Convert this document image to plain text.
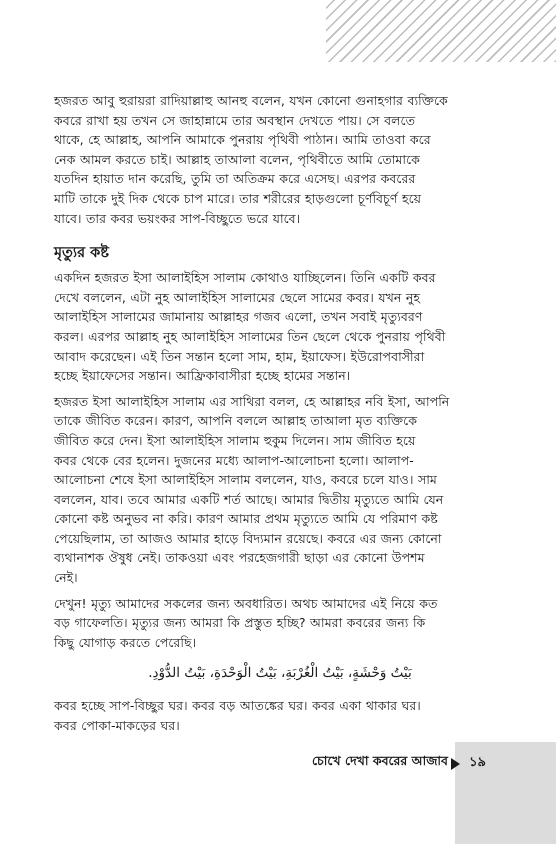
হজরত আবু হুরায়রা রাদিয়াল্লাহু আনহু বলেন, যখন কোনো গুনাহগার ব্যক্তিকে
কবরে রাখা হয় তখন সে জাহান্নামে তার অবস্থান দেখতে পায়। সে বলতে
থাকে, হে আল্লাহ, আপনি আমাকে পুনরায় পৃথিবী পাঠান। আমি তাওবা করে
নেক আমল করতে চাই। আল্লাহ তাআলা বলেন, পৃথিবীতে আমি তোমাকে
যতদিন হায়াত দান করেছি, তুমি তা অতিক্রম করে এসেছ। এরপর কবরের
মাটি তাকে দুই দিক থেকে চাপ মারে। তার শরীরের হাড়গুলো চূর্ণবিচূর্ণ হয়ে
যাবে। তার কবর ভয়ংকর সাপ-বিচ্ছুতে ভরে যাবে।
মৃত্যুর কষ্ট
একদিন হজরত ইসা আলাইহিস সালাম কোথাও যাচ্ছিলেন। তিনি একটি কবর
দেখে বললেন, এটা নুহ আলাইহিস সালামের ছেলে সামের কবর। যখন নুহ
আলাইহিস সালামের জামানায় আল্লাহর গজব এলো, তখন সবাই মৃত্যুবরণ
করল। এরপর আল্লাহ নুহ আলাইহিস সালামের তিন ছেলে থেকে পুনরায় পৃথিবী
আবাদ করেছেন। এই তিন সন্তান হলো সাম, হাম, ইয়াফেস। ইউরোপবাসীরা
হচ্ছে ইয়াফেসের সন্তান। আফ্রিকাবাসীরা হচ্ছে হামের সন্তান।
হজরত ইসা আলাইহিস সালাম এর সাথিরা বলল, হে আল্লাহর নবি ইসা, আপনি
তাকে জীবিত করেন। কারণ, আপনি বললে আল্লাহ তাআলা মৃত ব্যক্তিকে
জীবিত করে দেন। ইসা আলাইহিস সালাম হুকুম দিলেন। সাম জীবিত হয়ে
কবর থেকে বের হলেন। দুজনের মধ্যে আলাপ-আলোচনা হলো। আলাপ-
আলোচনা শেষে ইসা আলাইহিস সালাম বললেন, যাও, কবরে চলে যাও। সাম
বললেন, যাব। তবে আমার একটি শর্ত আছে। আমার দ্বিতীয় মৃত্যুতে আমি যেন
কোনো কষ্ট অনুভব না করি। কারণ আমার প্রথম মৃত্যুতে আমি যে পরিমাণ কষ্ট
পেয়েছিলাম, তা আজও আমার হাড়ে বিদ্যমান রয়েছে। কবরে এর জন্য কোনো
ব্যথানাশক ঔষুধ নেই। তাকওয়া এবং পরহেজগারী ছাড়া এর কোনো উপশম
নেই।
দেখুন! মৃত্যু আমাদের সকলের জন্য অবধারিত। অথচ আমাদের এই নিয়ে কত
বড় গাফেলতি। মৃত্যুর জন্য আমরা কি প্রস্তুত হচ্ছি? আমরা কবরের জন্য কি
কিছু যোগাড় করতে পেরেছি।
بَيْتُ وَحْشَةٍ، بَيْتُ الْغُرْبَةِ، بَيْتُ الْوَحْدَةِ، بَيْتُ الدُّوْدِ.
কবর হচ্ছে সাপ-বিচ্ছুর ঘর। কবর বড় আতঙ্কের ঘর। কবর একা থাকার ঘর।
কবর পোকা-মাকড়ের ঘর।
চোখে দেখা কবরের আজাব ১৯
